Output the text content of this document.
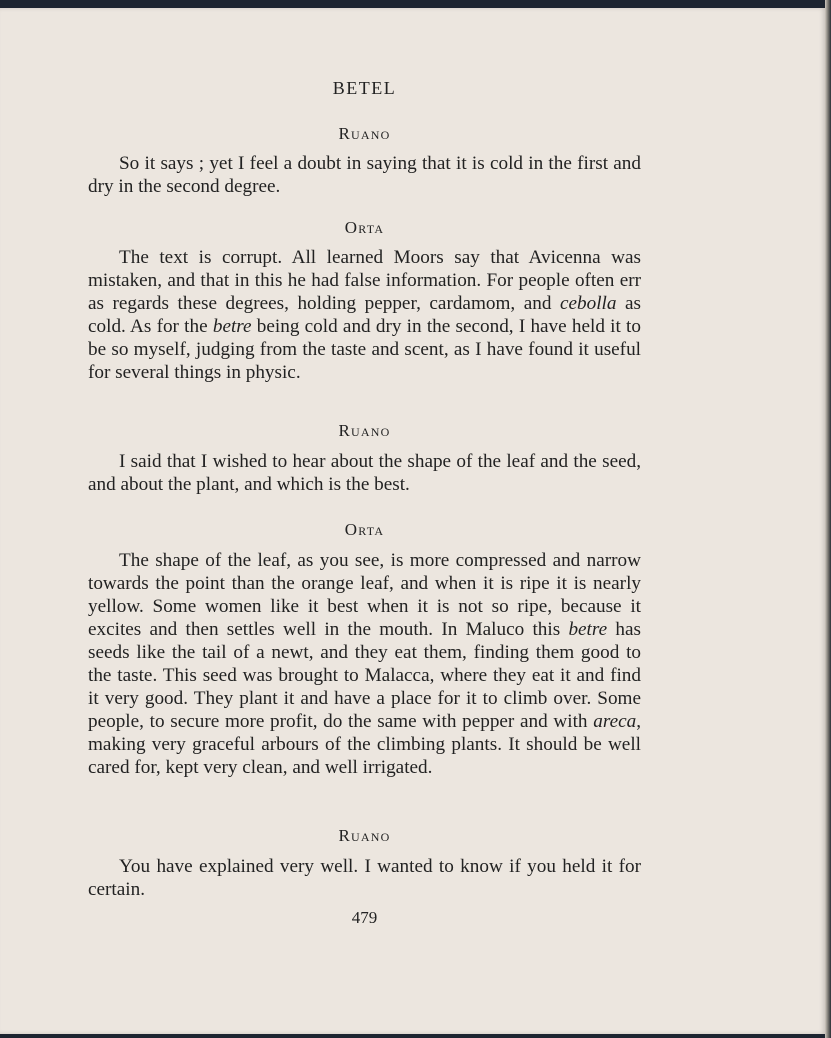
BETEL
Ruano

So it says ; yet I feel a doubt in saying that it is cold in the first and dry in the second degree.

Orta

The text is corrupt. All learned Moors say that Avicenna was mistaken, and that in this he had false information. For people often err as regards these degrees, holding pepper, cardamom, and cebolla as cold. As for the betre being cold and dry in the second, I have held it to be so myself, judging from the taste and scent, as I have found it useful for several things in physic.

Ruano

I said that I wished to hear about the shape of the leaf and the seed, and about the plant, and which is the best.

Orta

The shape of the leaf, as you see, is more compressed and narrow towards the point than the orange leaf, and when it is ripe it is nearly yellow. Some women like it best when it is not so ripe, because it excites and then settles well in the mouth. In Maluco this betre has seeds like the tail of a newt, and they eat them, finding them good to the taste. This seed was brought to Malacca, where they eat it and find it very good. They plant it and have a place for it to climb over. Some people, to secure more profit, do the same with pepper and with areca, making very graceful arbours of the climbing plants. It should be well cared for, kept very clean, and well irrigated.

Ruano

You have explained very well. I wanted to know if you held it for certain.

479
